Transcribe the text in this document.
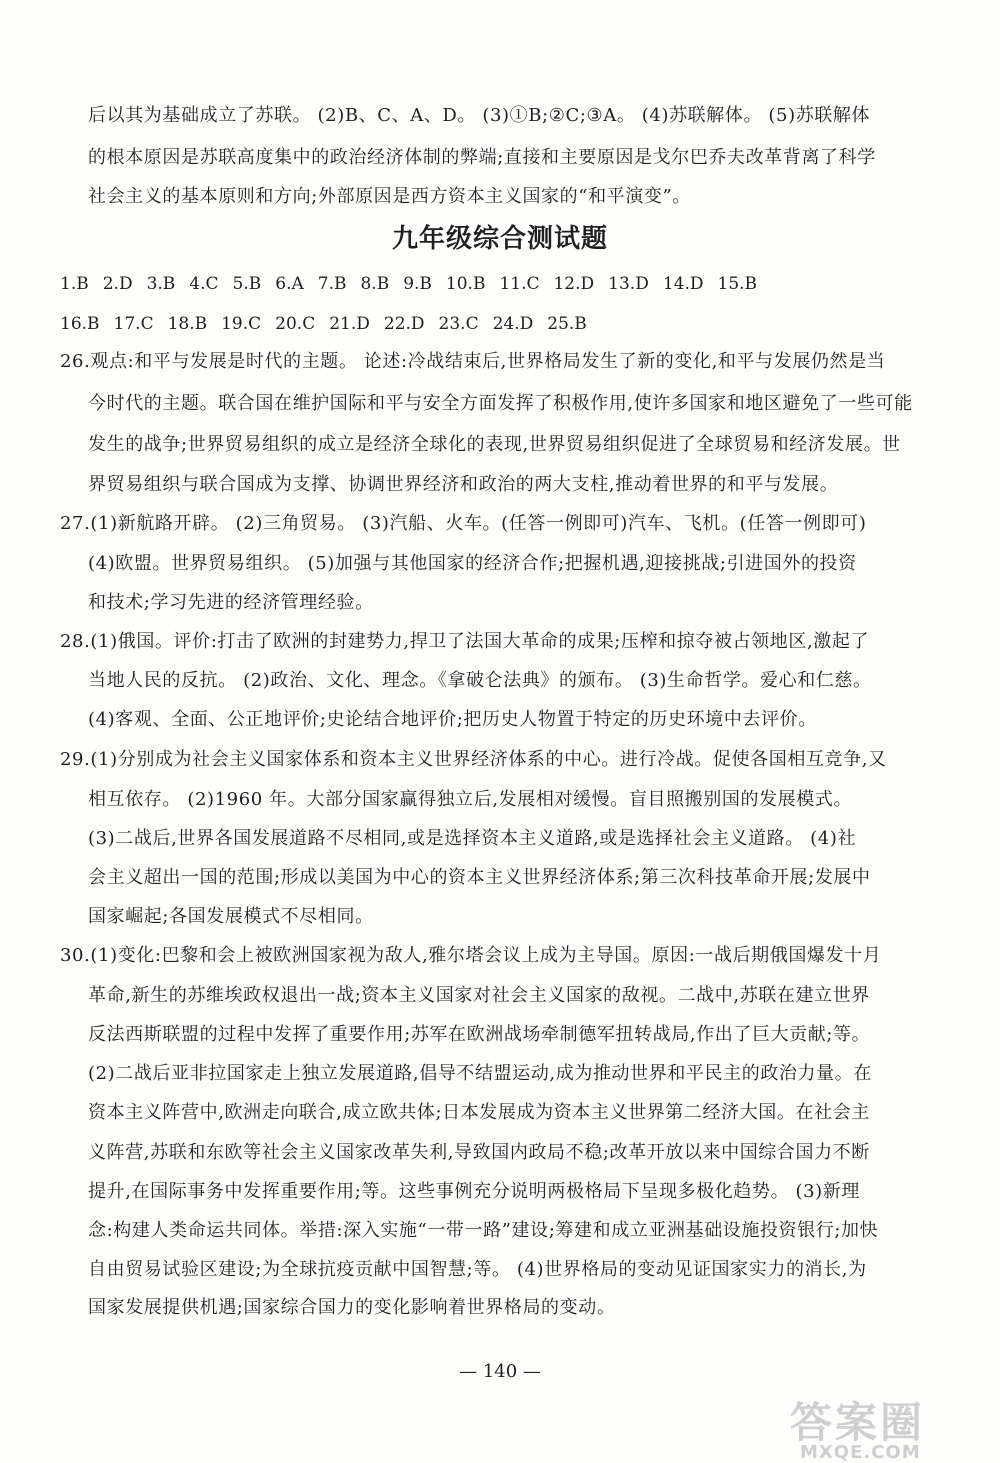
后以其为基础成立了苏联。 (2)B、C、A、D。 (3)①B;②C;③A。 (4)苏联解体。 (5)苏联解体
的根本原因是苏联高度集中的政治经济体制的弊端;直接和主要原因是戈尔巴乔夫改革背离了科学
社会主义的基本原则和方向;外部原因是西方资本主义国家的“和平演变”。
九年级综合测试题
1.B 2.D 3.B 4.C 5.B 6.A 7.B 8.B 9.B 10.B 11.C 12.D 13.D 14.D 15.B
16.B 17.C 18.B 19.C 20.C 21.D 22.D 23.C 24.D 25.B
26.观点:和平与发展是时代的主题。 论述:冷战结束后,世界格局发生了新的变化,和平与发展仍然是当
今时代的主题。联合国在维护国际和平与安全方面发挥了积极作用,使许多国家和地区避免了一些可能
发生的战争;世界贸易组织的成立是经济全球化的表现,世界贸易组织促进了全球贸易和经济发展。世
界贸易组织与联合国成为支撑、协调世界经济和政治的两大支柱,推动着世界的和平与发展。
27.(1)新航路开辟。 (2)三角贸易。 (3)汽船、火车。(任答一例即可)汽车、飞机。(任答一例即可)
(4)欧盟。世界贸易组织。 (5)加强与其他国家的经济合作;把握机遇,迎接挑战;引进国外的投资
和技术;学习先进的经济管理经验。
28.(1)俄国。评价:打击了欧洲的封建势力,捍卫了法国大革命的成果;压榨和掠夺被占领地区,激起了
当地人民的反抗。 (2)政治、文化、理念。《拿破仑法典》的颁布。 (3)生命哲学。爱心和仁慈。
(4)客观、全面、公正地评价;史论结合地评价;把历史人物置于特定的历史环境中去评价。
29.(1)分别成为社会主义国家体系和资本主义世界经济体系的中心。进行冷战。促使各国相互竞争,又
相互依存。 (2)1960 年。大部分国家赢得独立后,发展相对缓慢。盲目照搬别国的发展模式。
(3)二战后,世界各国发展道路不尽相同,或是选择资本主义道路,或是选择社会主义道路。 (4)社
会主义超出一国的范围;形成以美国为中心的资本主义世界经济体系;第三次科技革命开展;发展中
国家崛起;各国发展模式不尽相同。
30.(1)变化:巴黎和会上被欧洲国家视为敌人,雅尔塔会议上成为主导国。原因:一战后期俄国爆发十月
革命,新生的苏维埃政权退出一战;资本主义国家对社会主义国家的敌视。二战中,苏联在建立世界
反法西斯联盟的过程中发挥了重要作用;苏军在欧洲战场牵制德军扭转战局,作出了巨大贡献;等。
(2)二战后亚非拉国家走上独立发展道路,倡导不结盟运动,成为推动世界和平民主的政治力量。在
资本主义阵营中,欧洲走向联合,成立欧共体;日本发展成为资本主义世界第二经济大国。在社会主
义阵营,苏联和东欧等社会主义国家改革失利,导致国内政局不稳;改革开放以来中国综合国力不断
提升,在国际事务中发挥重要作用;等。这些事例充分说明两极格局下呈现多极化趋势。 (3)新理
念:构建人类命运共同体。举措:深入实施“一带一路”建设;筹建和成立亚洲基础设施投资银行;加快
自由贸易试验区建设;为全球抗疫贡献中国智慧;等。 (4)世界格局的变动见证国家实力的消长,为
国家发展提供机遇;国家综合国力的变化影响着世界格局的变动。
— 140 —
答案圈
MXQE.COM
